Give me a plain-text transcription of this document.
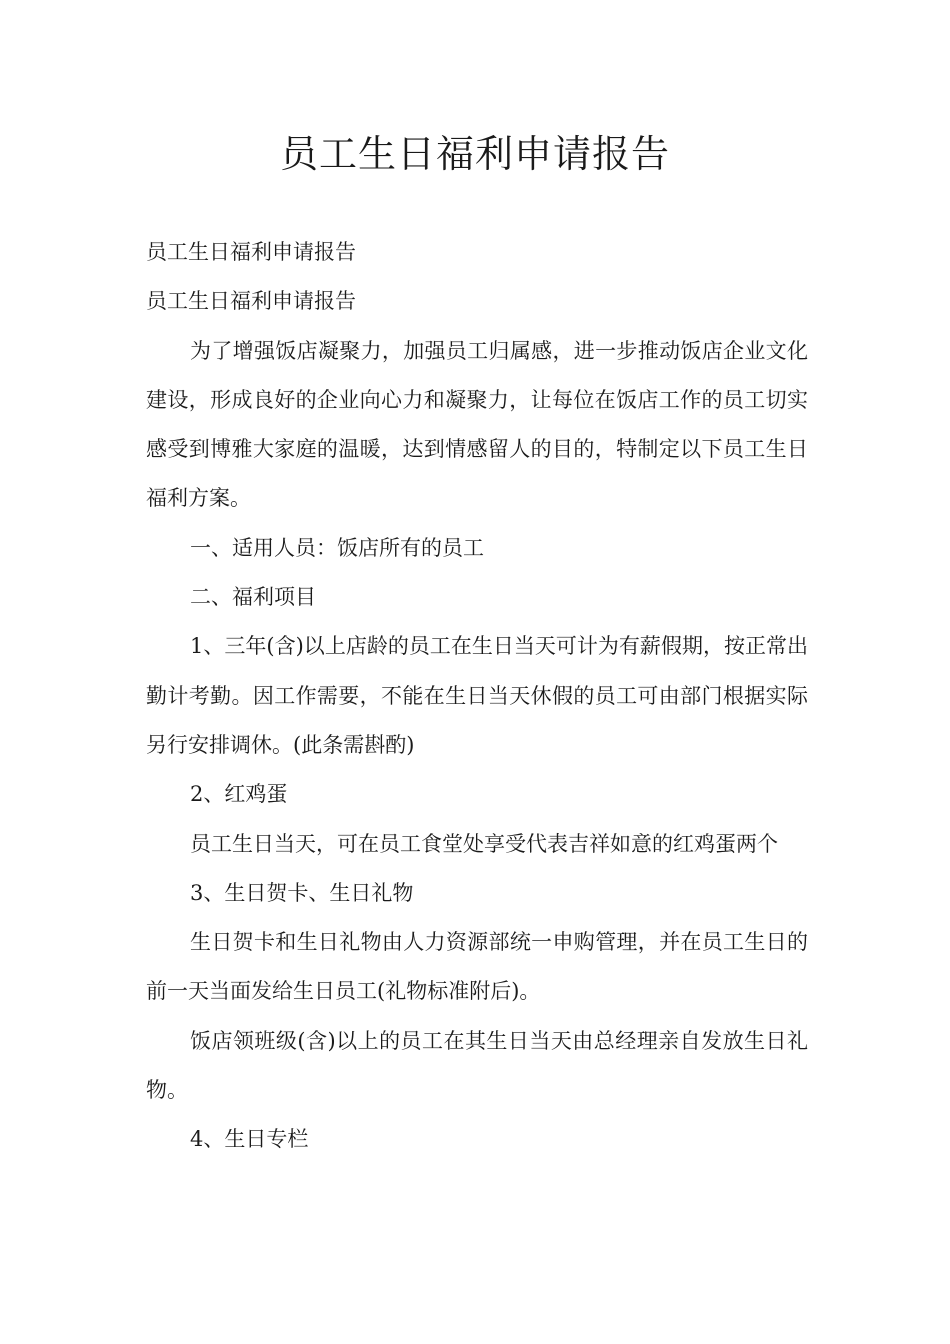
员工生日福利申请报告

员工生日福利申请报告

员工生日福利申请报告

为了增强饭店凝聚力，加强员工归属感，进一步推动饭店企业文化建设，形成良好的企业向心力和凝聚力，让每位在饭店工作的员工切实感受到博雅大家庭的温暖，达到情感留人的目的，特制定以下员工生日福利方案。

一、适用人员：饭店所有的员工

二、福利项目

1、三年(含)以上店龄的员工在生日当天可计为有薪假期，按正常出勤计考勤。因工作需要，不能在生日当天休假的员工可由部门根据实际另行安排调休。(此条需斟酌)

2、红鸡蛋

员工生日当天，可在员工食堂处享受代表吉祥如意的红鸡蛋两个

3、生日贺卡、生日礼物

生日贺卡和生日礼物由人力资源部统一申购管理，并在员工生日的前一天当面发给生日员工(礼物标准附后)。

饭店领班级(含)以上的员工在其生日当天由总经理亲自发放生日礼物。

4、生日专栏
